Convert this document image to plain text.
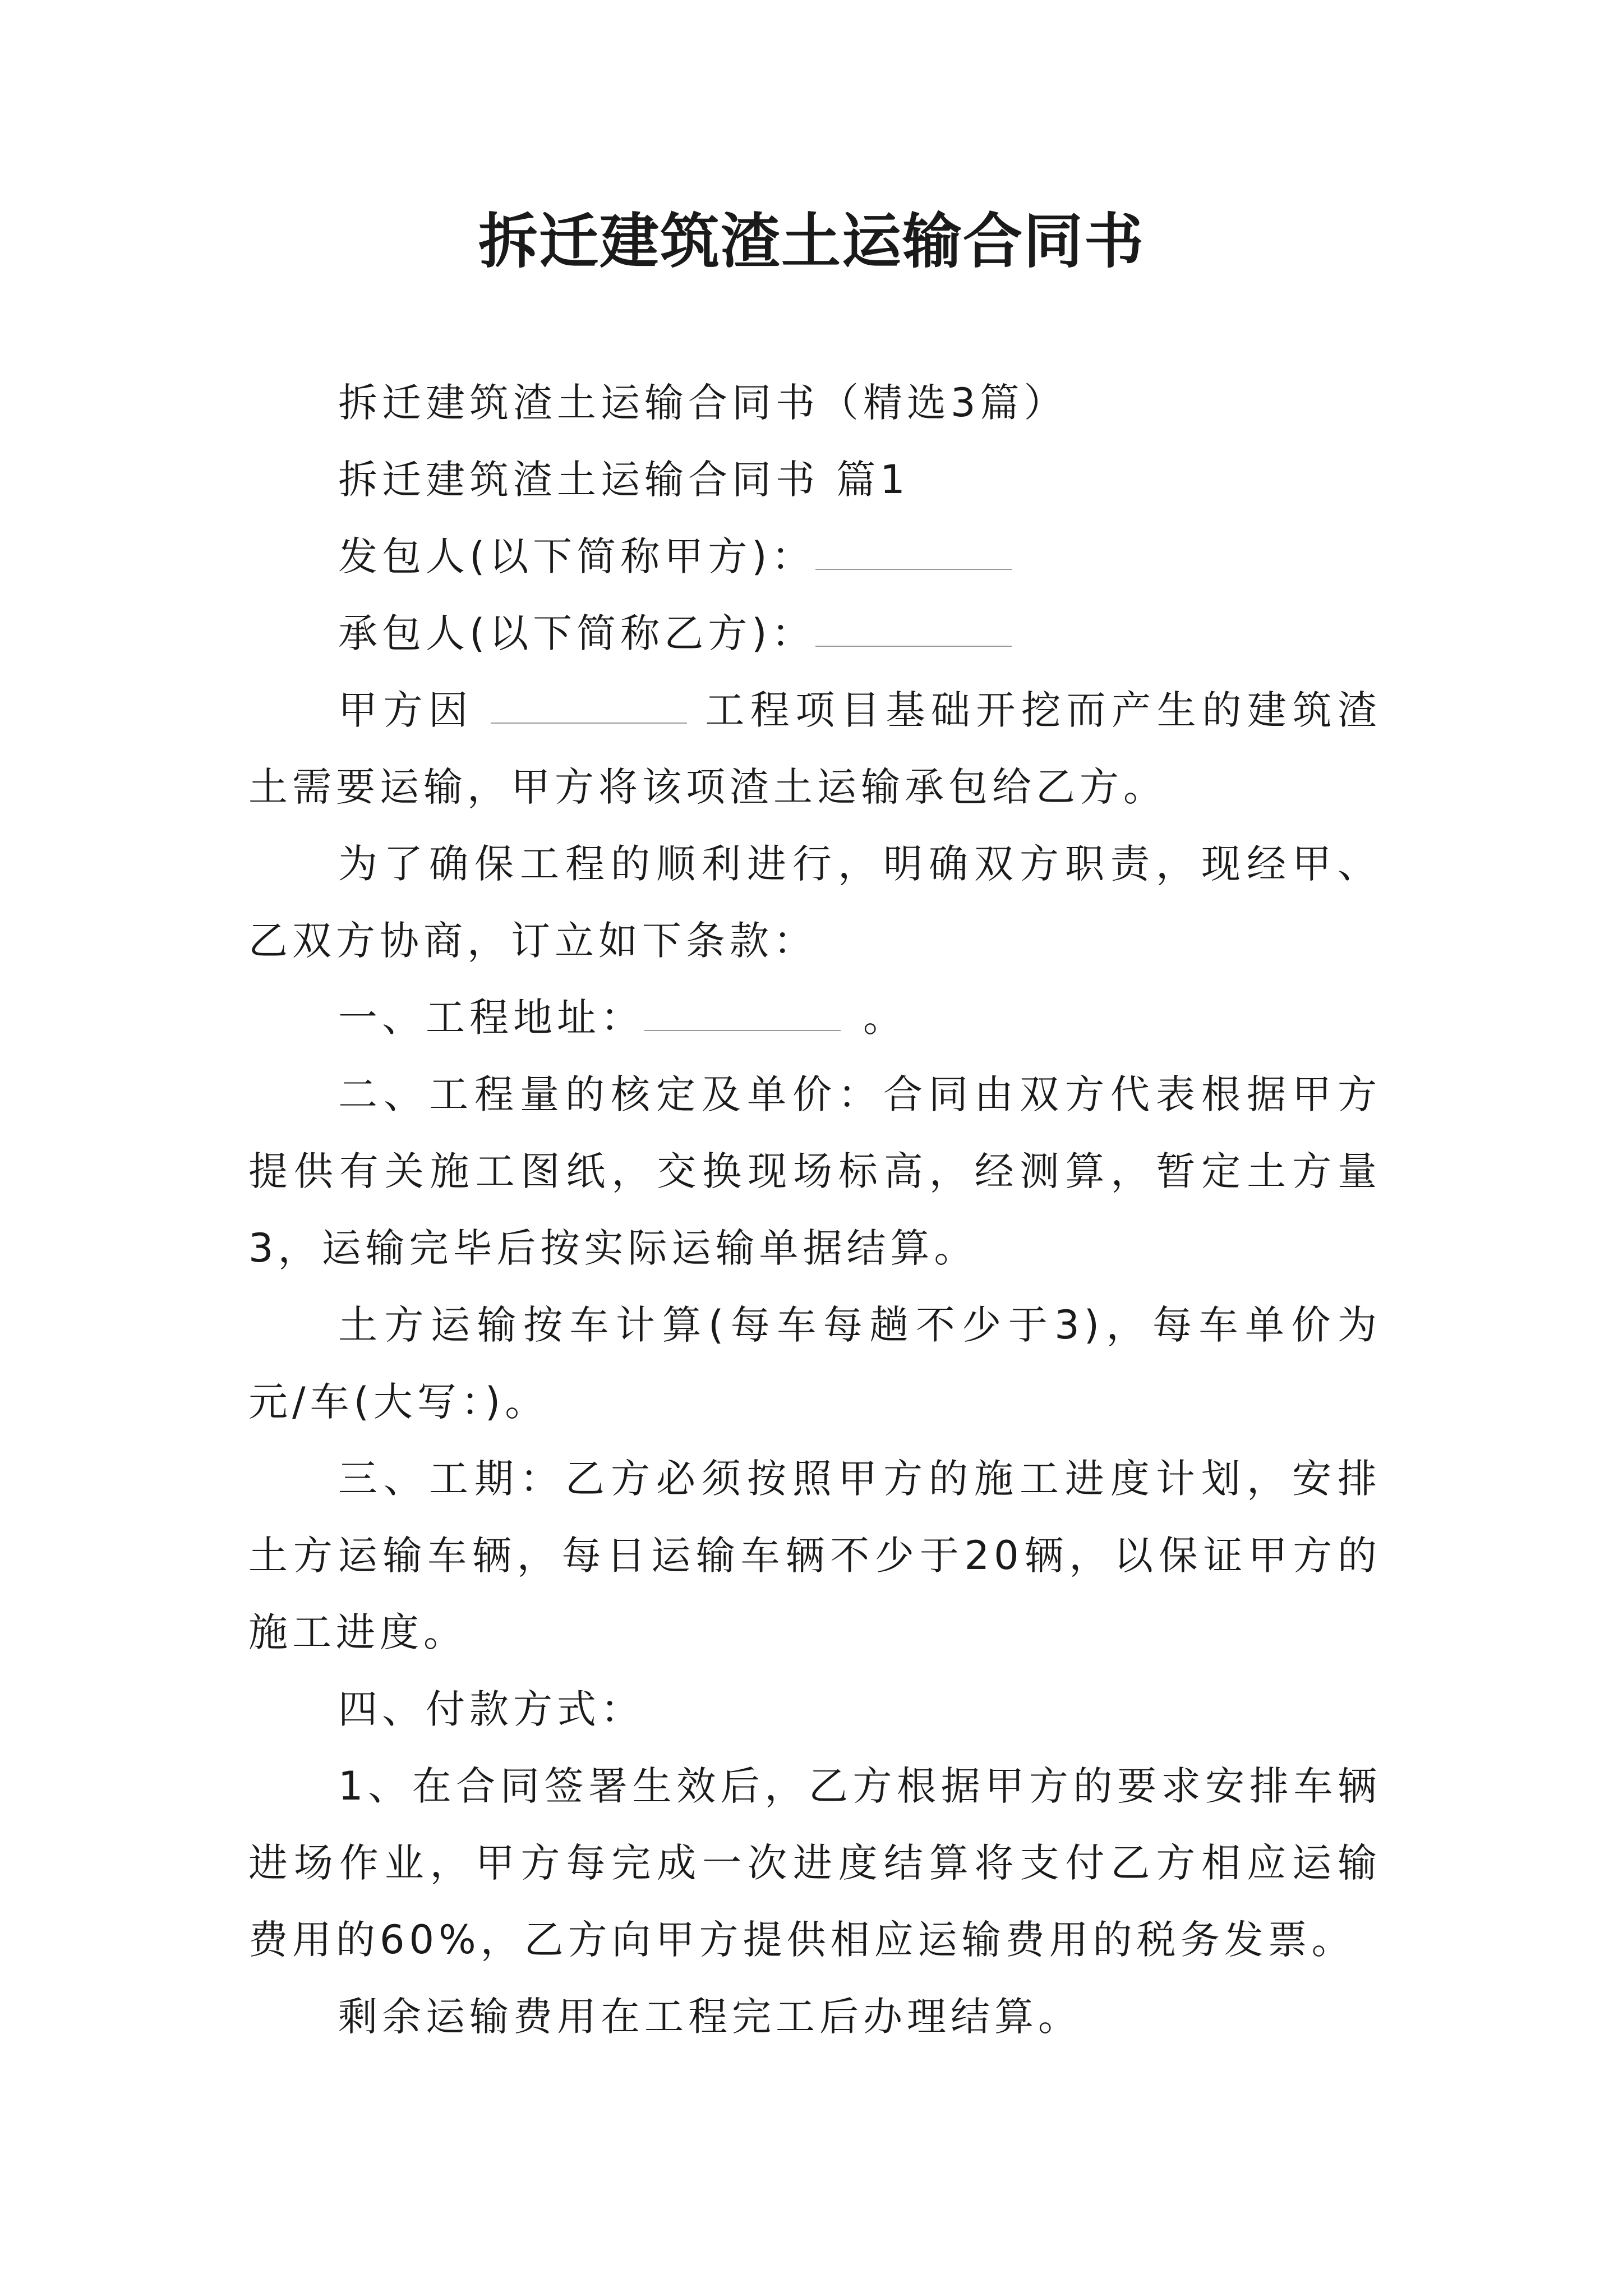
拆迁建筑渣土运输合同书

拆迁建筑渣土运输合同书（精选3篇）

拆迁建筑渣土运输合同书 篇1

发包人(以下简称甲方)：

承包人(以下简称乙方)：

甲方因	工程项目基础开挖而产生的建筑渣土需要运输，甲方将该项渣土运输承包给乙方。

为了确保工程的顺利进行，明确双方职责，现经甲、乙双方协商，订立如下条款：

一、工程地址：	。

二、工程量的核定及单价：合同由双方代表根据甲方提供有关施工图纸，交换现场标高，经测算，暂定土方量3，运输完毕后按实际运输单据结算。

土方运输按车计算(每车每趟不少于3)，每车单价为元/车(大写：)。

三、工期：乙方必须按照甲方的施工进度计划，安排土方运输车辆，每日运输车辆不少于20辆，以保证甲方的施工进度。

四、付款方式：

1、在合同签署生效后，乙方根据甲方的要求安排车辆进场作业，甲方每完成一次进度结算将支付乙方相应运输费用的60%，乙方向甲方提供相应运输费用的税务发票。

剩余运输费用在工程完工后办理结算。
